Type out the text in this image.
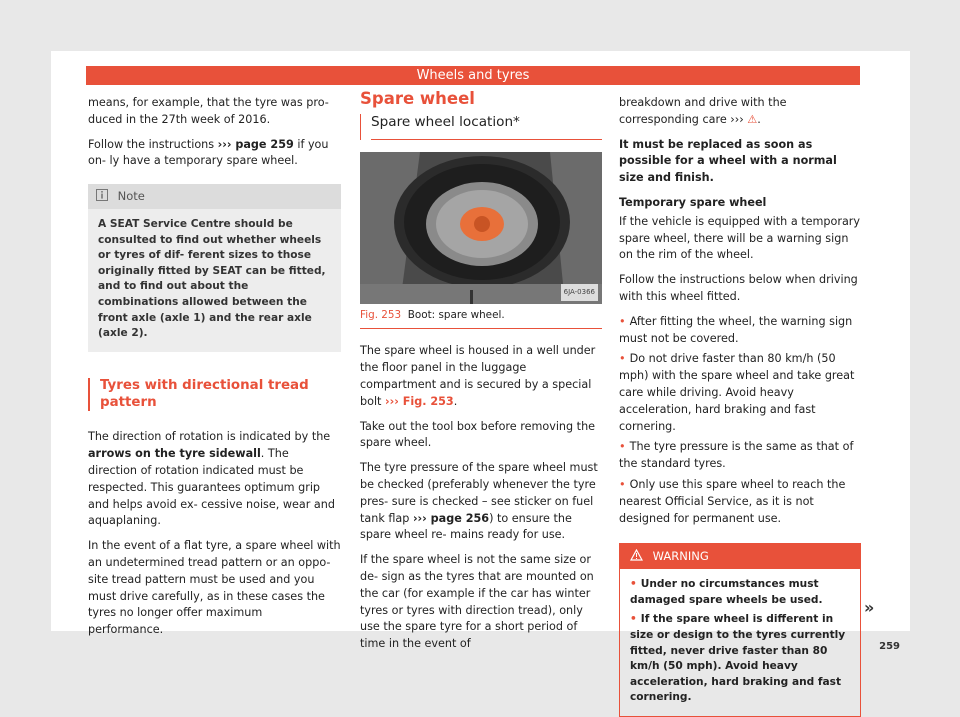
Wheels and tyres

means, for example, that the tyre was pro- duced in the 27th week of 2016.

Follow the instructions ››› page 259 if you on- ly have a temporary spare wheel.

Note
A SEAT Service Centre should be consulted to find out whether wheels or tyres of dif- ferent sizes to those originally fitted by SEAT can be fitted, and to find out about the combinations allowed between the front axle (axle 1) and the rear axle (axle 2).
Tyres with directional tread pattern

The direction of rotation is indicated by the arrows on the tyre sidewall. The direction of rotation indicated must be respected. This guarantees optimum grip and helps avoid ex- cessive noise, wear and aquaplaning.

In the event of a flat tyre, a spare wheel with an undetermined tread pattern or an oppo- site tread pattern must be used and you must drive carefully, as in these cases the tyres no longer offer maximum performance.

Spare wheel
Spare wheel location*
6JA-0366
Fig. 253 Boot: spare wheel.

The spare wheel is housed in a well under the floor panel in the luggage compartment and is secured by a special bolt ››› Fig. 253.

Take out the tool box before removing the spare wheel.

The tyre pressure of the spare wheel must be checked (preferably whenever the tyre pres- sure is checked – see sticker on fuel tank flap ››› page 256) to ensure the spare wheel re- mains ready for use.

If the spare wheel is not the same size or de- sign as the tyres that are mounted on the car (for example if the car has winter tyres or tyres with direction tread), only use the spare tyre for a short period of time in the event of

breakdown and drive with the corresponding care ››› ⚠.

It must be replaced as soon as possible for a wheel with a normal size and finish.

Temporary spare wheel

If the vehicle is equipped with a temporary spare wheel, there will be a warning sign on the rim of the wheel.

Follow the instructions below when driving with this wheel fitted.

• After fitting the wheel, the warning sign must not be covered.

• Do not drive faster than 80 km/h (50 mph) with the spare wheel and take great care while driving. Avoid heavy acceleration, hard braking and fast cornering.

• The tyre pressure is the same as that of the standard tyres.

• Only use this spare wheel to reach the nearest Official Service, as it is not designed for permanent use.

WARNING

• Under no circumstances must damaged spare wheels be used.

• If the spare wheel is different in size or design to the tyres currently fitted, never drive faster than 80 km/h (50 mph). Avoid heavy acceleration, hard braking and fast cornering.

»
259
